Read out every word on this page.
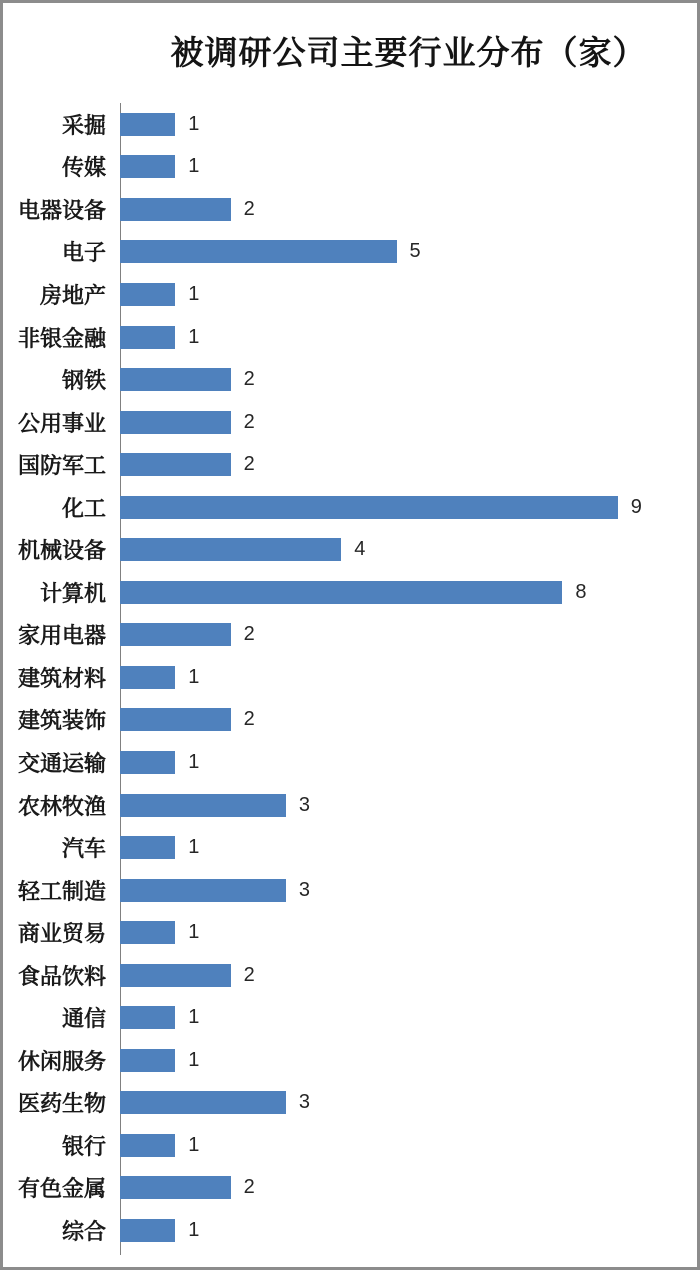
被调研公司主要行业分布（家）
采掘	1
传媒	1
电器设备	2
电子	5
房地产	1
非银金融	1
钢铁	2
公用事业	2
国防军工	2
化工	9
机械设备	4
计算机	8
家用电器	2
建筑材料	1
建筑装饰	2
交通运输	1
农林牧渔	3
汽车	1
轻工制造	3
商业贸易	1
食品饮料	2
通信	1
休闲服务	1
医药生物	3
银行	1
有色金属	2
综合	1
